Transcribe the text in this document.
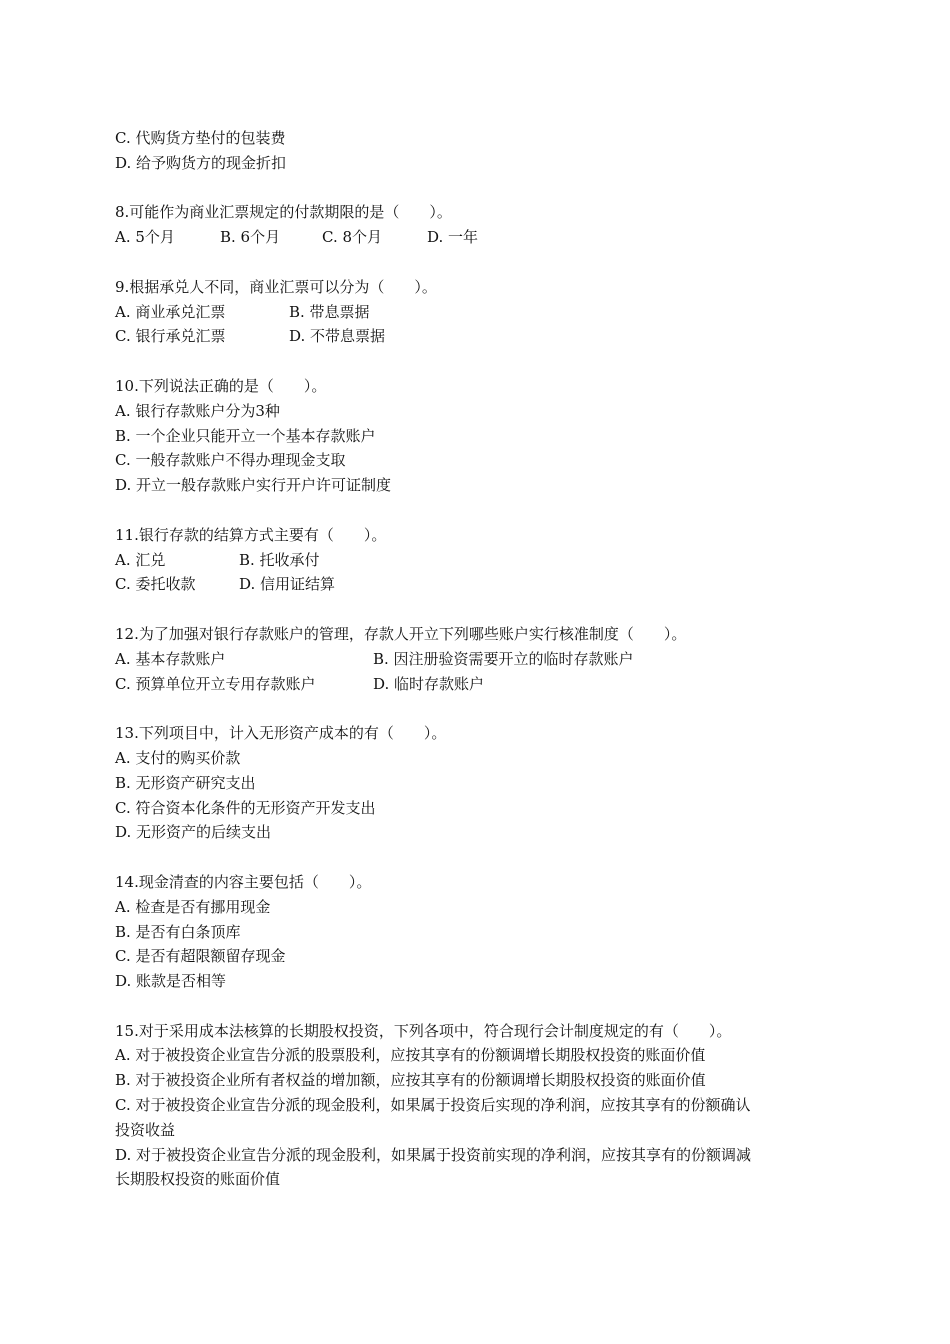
C. 代购货方垫付的包装费
D. 给予购货方的现金折扣
8.可能作为商业汇票规定的付款期限的是（　　）。
A. 5个月	B. 6个月	C. 8个月	D. 一年
9.根据承兑人不同，商业汇票可以分为（　　）。
A. 商业承兑汇票	B. 带息票据
C. 银行承兑汇票	D. 不带息票据
10.下列说法正确的是（　　）。
A. 银行存款账户分为3种
B. 一个企业只能开立一个基本存款账户
C. 一般存款账户不得办理现金支取
D. 开立一般存款账户实行开户许可证制度
11.银行存款的结算方式主要有（　　）。
A. 汇兑	B. 托收承付
C. 委托收款	D. 信用证结算
12.为了加强对银行存款账户的管理，存款人开立下列哪些账户实行核准制度（　　）。
A. 基本存款账户	B. 因注册验资需要开立的临时存款账户
C. 预算单位开立专用存款账户	D. 临时存款账户
13.下列项目中，计入无形资产成本的有（　　）。
A. 支付的购买价款
B. 无形资产研究支出
C. 符合资本化条件的无形资产开发支出
D. 无形资产的后续支出
14.现金清查的内容主要包括（　　）。
A. 检查是否有挪用现金
B. 是否有白条顶库
C. 是否有超限额留存现金
D. 账款是否相等
15.对于采用成本法核算的长期股权投资，下列各项中，符合现行会计制度规定的有（　　）。
A. 对于被投资企业宣告分派的股票股利，应按其享有的份额调增长期股权投资的账面价值
B. 对于被投资企业所有者权益的增加额，应按其享有的份额调增长期股权投资的账面价值
C. 对于被投资企业宣告分派的现金股利，如果属于投资后实现的净利润，应按其享有的份额确认
投资收益
D. 对于被投资企业宣告分派的现金股利，如果属于投资前实现的净利润，应按其享有的份额调减
长期股权投资的账面价值
